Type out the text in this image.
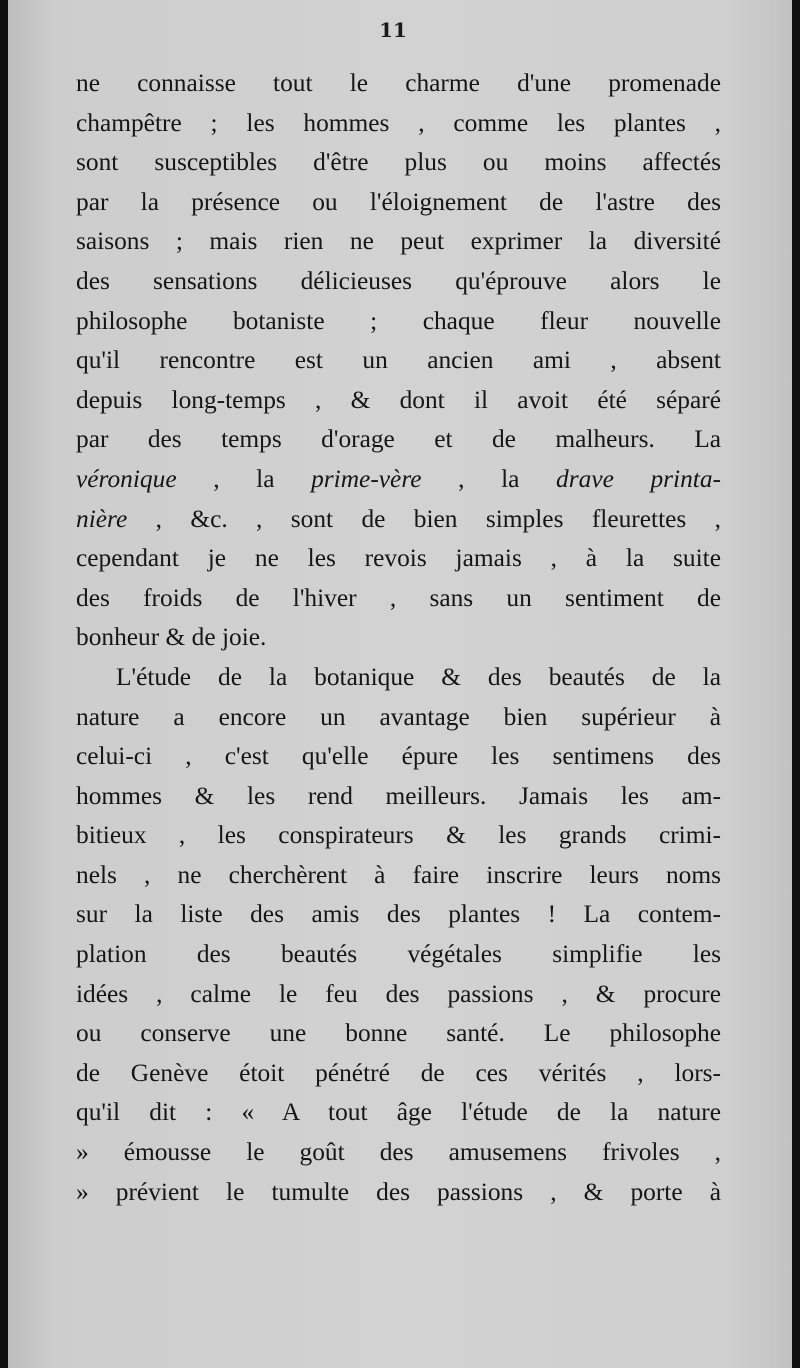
11
ne connaisse tout le charme d'une promenade
champêtre ; les hommes , comme les plantes ,
sont susceptibles d'être plus ou moins affectés
par la présence ou l'éloignement de l'astre des
saisons ; mais rien ne peut exprimer la diversité
des sensations délicieuses qu'éprouve alors le
philosophe botaniste ; chaque fleur nouvelle
qu'il rencontre est un ancien ami , absent
depuis long-temps , & dont il avoit été séparé
par des temps d'orage et de malheurs. La
véronique , la prime-vère , la drave printa-
nière , &c. , sont de bien simples fleurettes ,
cependant je ne les revois jamais , à la suite
des froids de l'hiver , sans un sentiment de
bonheur & de joie.
L'étude de la botanique & des beautés de la
nature a encore un avantage bien supérieur à
celui-ci , c'est qu'elle épure les sentimens des
hommes & les rend meilleurs. Jamais les am-
bitieux , les conspirateurs & les grands crimi-
nels , ne cherchèrent à faire inscrire leurs noms
sur la liste des amis des plantes ! La contem-
plation des beautés végétales simplifie les
idées , calme le feu des passions , & procure
ou conserve une bonne santé. Le philosophe
de Genève étoit pénétré de ces vérités , lors-
qu'il dit : « A tout âge l'étude de la nature
» émousse le goût des amusemens frivoles ,
» prévient le tumulte des passions , & porte à
